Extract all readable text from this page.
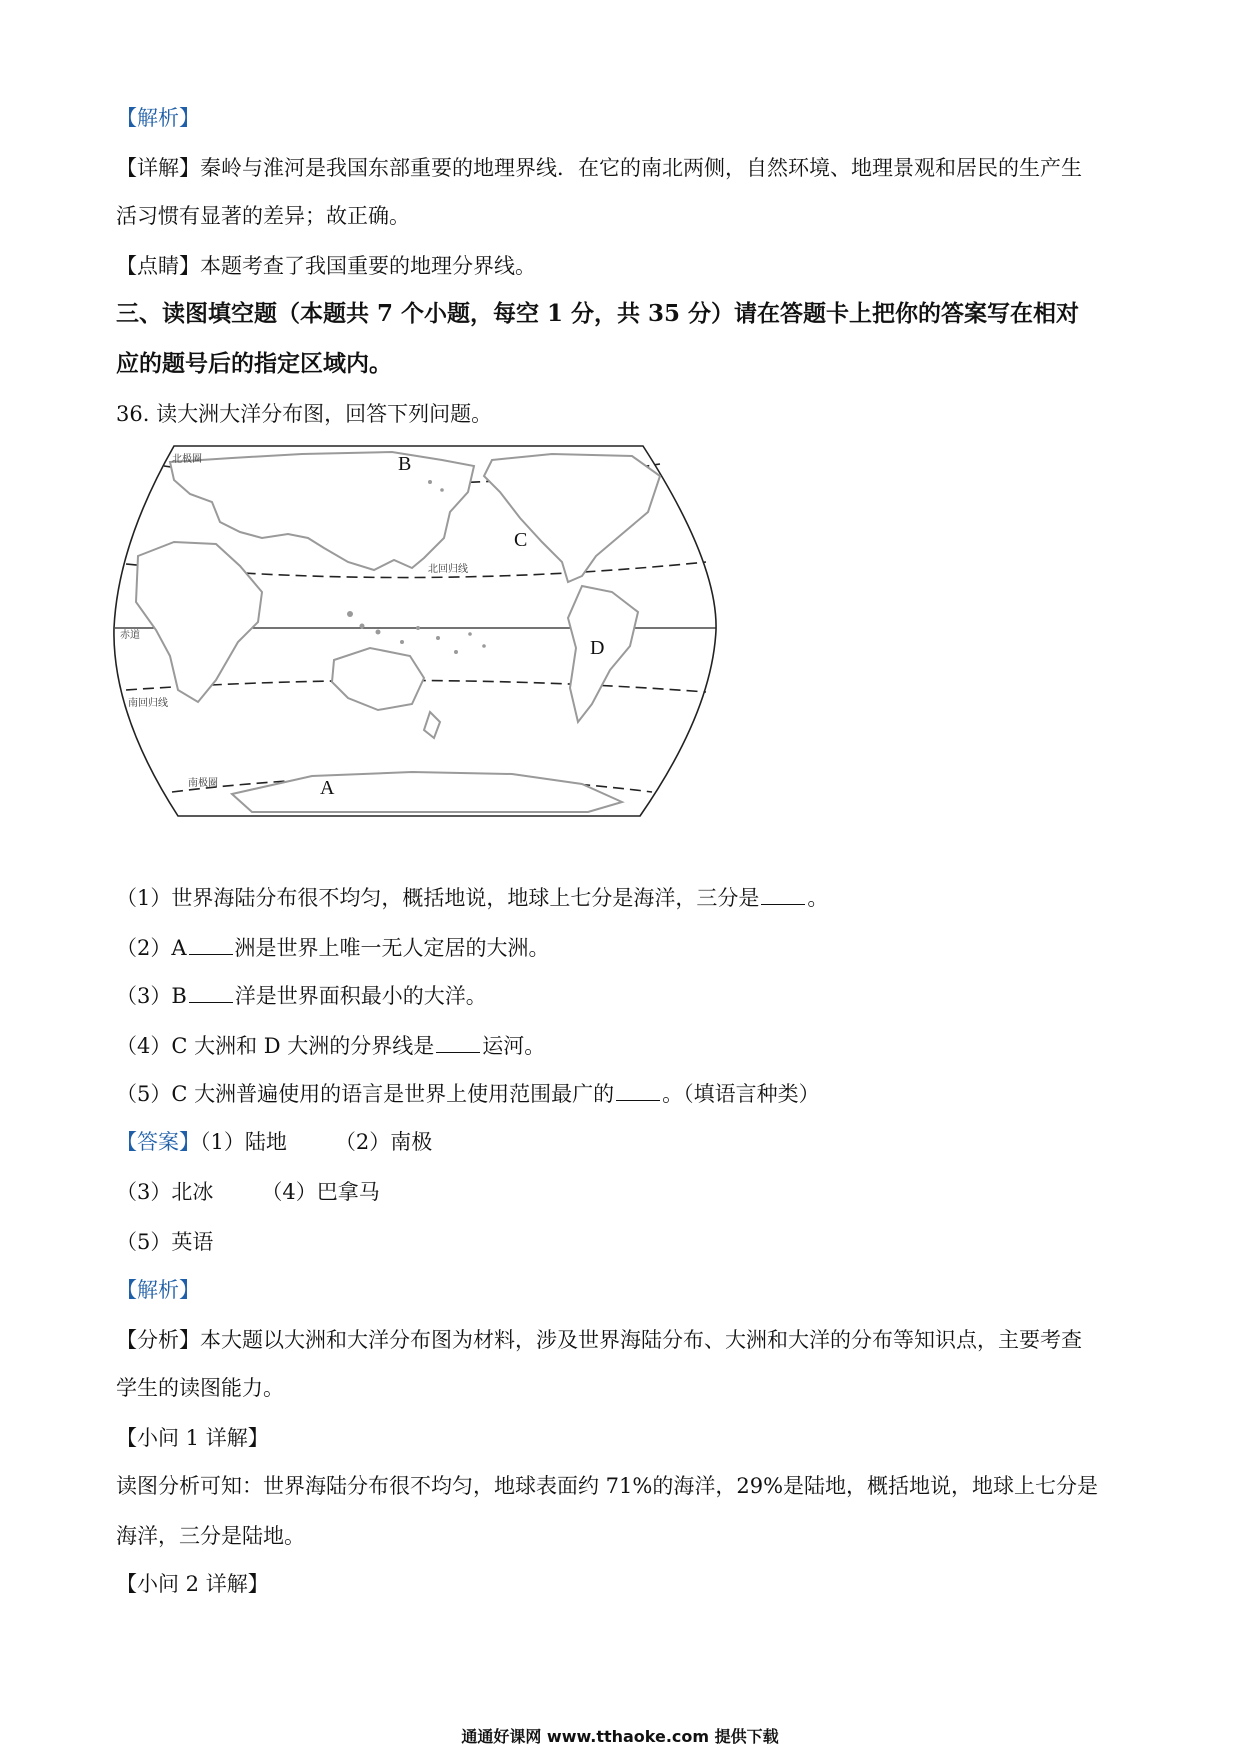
【解析】
【详解】秦岭与淮河是我国东部重要的地理界线．在它的南北两侧，自然环境、地理景观和居民的生产生
活习惯有显著的差异；故正确。
【点睛】本题考查了我国重要的地理分界线。
三、读图填空题（本题共 7 个小题，每空 1 分，共 35 分）请在答题卡上把你的答案写在相对
应的题号后的指定区域内。
36. 读大洲大洋分布图，回答下列问题。
B
C
D
A
北极圈
北回归线
赤道
南回归线
南极圈
（1）世界海陆分布很不均匀，概括地说，地球上七分是海洋，三分是 。
（2）A 洲是世界上唯一无人定居的大洲。
（3）B 洋是世界面积最小的大洋。
（4）C 大洲和 D 大洲的分界线是 运河。
（5）C 大洲普遍使用的语言是世界上使用范围最广的 。（填语言种类）
【答案】（1）陆地 （2）南极
（3）北冰 （4）巴拿马
（5）英语
【解析】
【分析】本大题以大洲和大洋分布图为材料，涉及世界海陆分布、大洲和大洋的分布等知识点，主要考查
学生的读图能力。
【小问 1 详解】
读图分析可知：世界海陆分布很不均匀，地球表面约 71%的海洋，29%是陆地，概括地说，地球上七分是
海洋，三分是陆地。
【小问 2 详解】
通通好课网 www.tthaoke.com 提供下载
